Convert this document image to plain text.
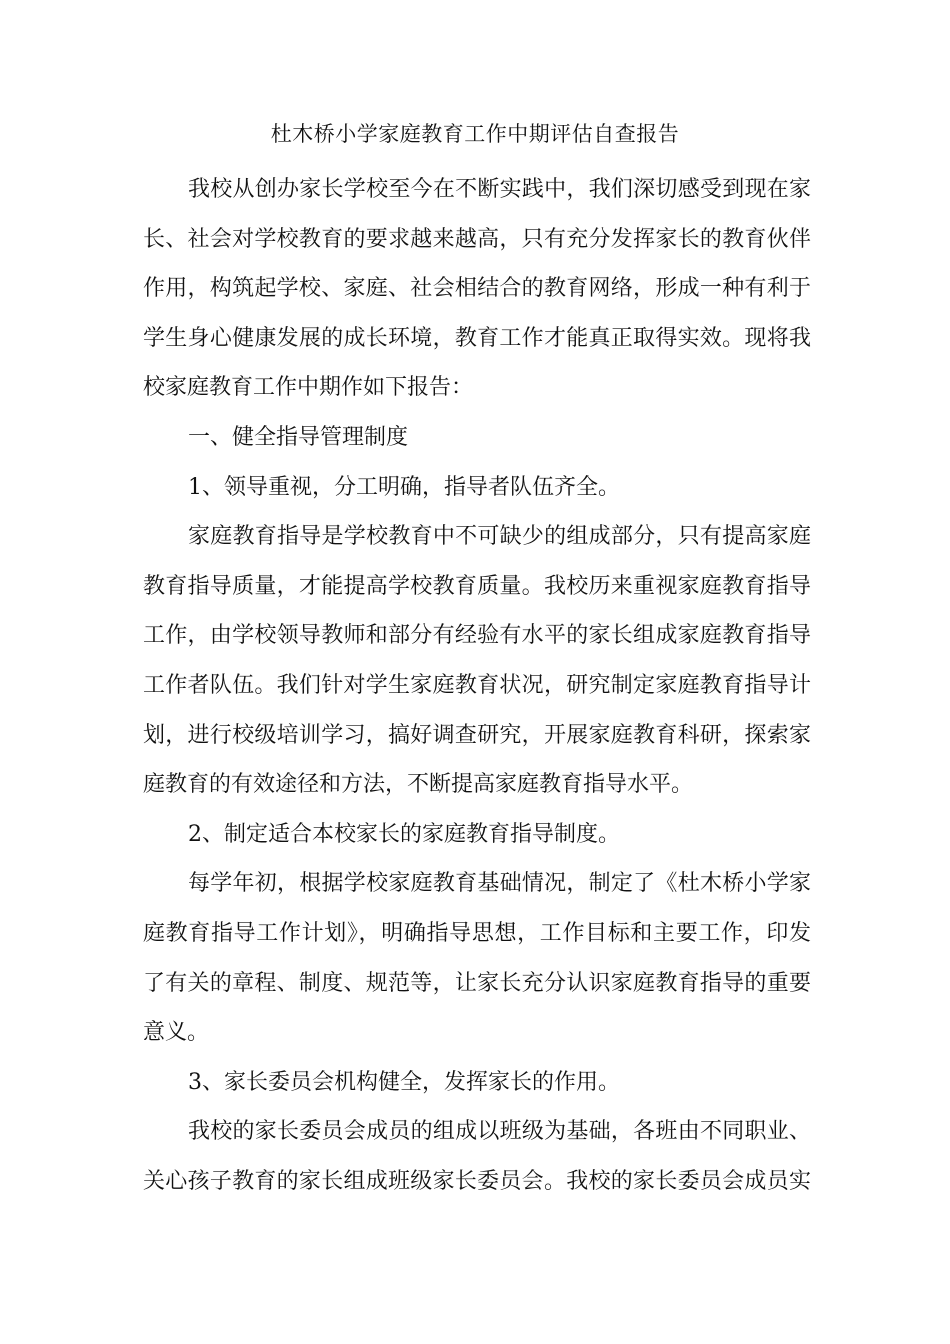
杜木桥小学家庭教育工作中期评估自查报告
我校从创办家长学校至今在不断实践中，我们深切感受到现在家
长、社会对学校教育的要求越来越高，只有充分发挥家长的教育伙伴
作用，构筑起学校、家庭、社会相结合的教育网络，形成一种有利于
学生身心健康发展的成长环境，教育工作才能真正取得实效。现将我
校家庭教育工作中期作如下报告：
一、健全指导管理制度
1、领导重视，分工明确，指导者队伍齐全。
家庭教育指导是学校教育中不可缺少的组成部分，只有提高家庭
教育指导质量，才能提高学校教育质量。我校历来重视家庭教育指导
工作，由学校领导教师和部分有经验有水平的家长组成家庭教育指导
工作者队伍。我们针对学生家庭教育状况，研究制定家庭教育指导计
划，进行校级培训学习，搞好调查研究，开展家庭教育科研，探索家
庭教育的有效途径和方法，不断提高家庭教育指导水平。
2、制定适合本校家长的家庭教育指导制度。
每学年初，根据学校家庭教育基础情况，制定了《杜木桥小学家
庭教育指导工作计划》，明确指导思想，工作目标和主要工作，印发
了有关的章程、制度、规范等，让家长充分认识家庭教育指导的重要
意义。
3、家长委员会机构健全，发挥家长的作用。
我校的家长委员会成员的组成以班级为基础，各班由不同职业、
关心孩子教育的家长组成班级家长委员会。我校的家长委员会成员实
